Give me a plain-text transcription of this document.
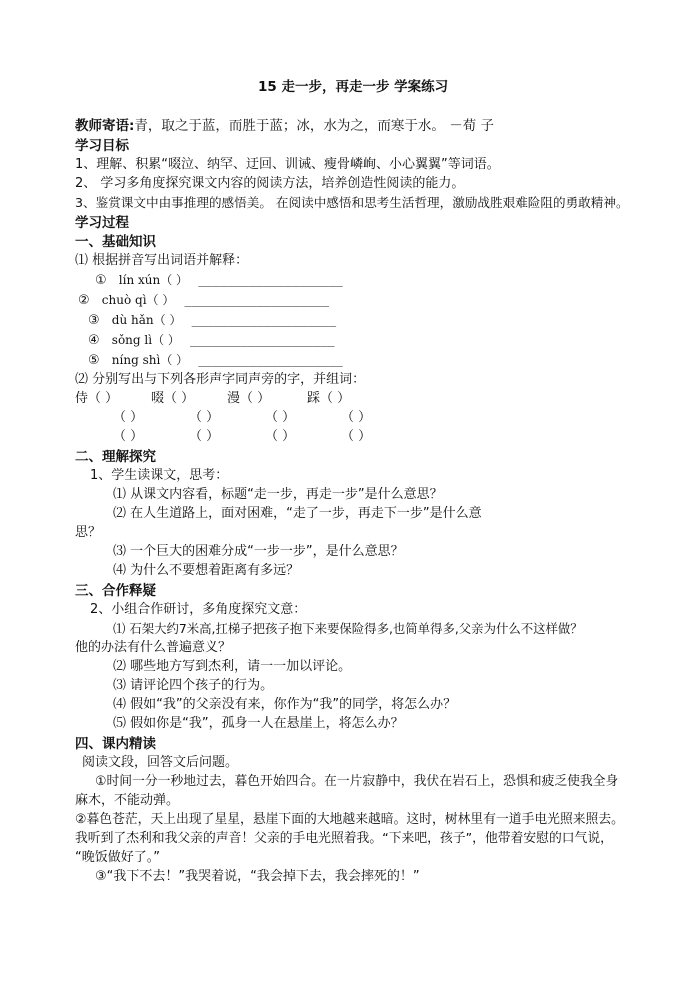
15 走一步，再走一步 学案练习
教师寄语:青，取之于蓝，而胜于蓝；冰，水为之，而寒于水。 －荀 子
学习目标
1、理解、积累“啜泣、纳罕、迂回、训诫、瘦骨嶙峋、小心翼翼”等词语。
2、 学习多角度探究课文内容的阅读方法，培养创造性阅读的能力。
3、鉴赏课文中由事推理的感悟美。 在阅读中感悟和思考生活哲理，激励战胜艰难险阻的勇敢精神。
学习过程
一、基础知识
⑴ 根据拼音写出词语并解释：
① lín xún（ ） ____________________
② chuò qì（ ） ____________________
③ dù hǎn（ ） ____________________
④ sǒng lì（ ） ____________________
⑤ níng shì（ ） ____________________
⑵ 分别写出与下列各形声字同声旁的字，并组词：
侍（ ）	啜（ ）	漫（ ）	踩（ ）
（ ）	（ ）	（ ）	（ ）
（ ）	（ ）	（ ）	（ ）
二、理解探究
1、学生读课文，思考：
⑴ 从课文内容看，标题“走一步，再走一步”是什么意思？
⑵ 在人生道路上，面对困难，“走了一步，再走下一步”是什么意
思？
⑶ 一个巨大的困难分成“一步一步”，是什么意思？
⑷ 为什么不要想着距离有多远？
三、合作释疑
2、小组合作研讨，多角度探究文意：
⑴ 石架大约7米高,扛梯子把孩子抱下来要保险得多,也简单得多,父亲为什么不这样做？
他的办法有什么普遍意义？
⑵ 哪些地方写到杰利，请一一加以评论。
⑶ 请评论四个孩子的行为。
⑷ 假如“我”的父亲没有来，你作为“我”的同学，将怎么办？
⑸ 假如你是“我”，孤身一人在悬崖上，将怎么办？
四、课内精读
阅读文段，回答文后问题。
①时间一分一秒地过去，暮色开始四合。在一片寂静中，我伏在岩石上，恐惧和疲乏使我全身
麻木，不能动弹。
②暮色苍茫，天上出现了星星，悬崖下面的大地越来越暗。这时，树林里有一道手电光照来照去。
我听到了杰利和我父亲的声音！父亲的手电光照着我。“下来吧，孩子”，他带着安慰的口气说，
“晚饭做好了。”
③“我下不去！”我哭着说，“我会掉下去，我会摔死的！”
